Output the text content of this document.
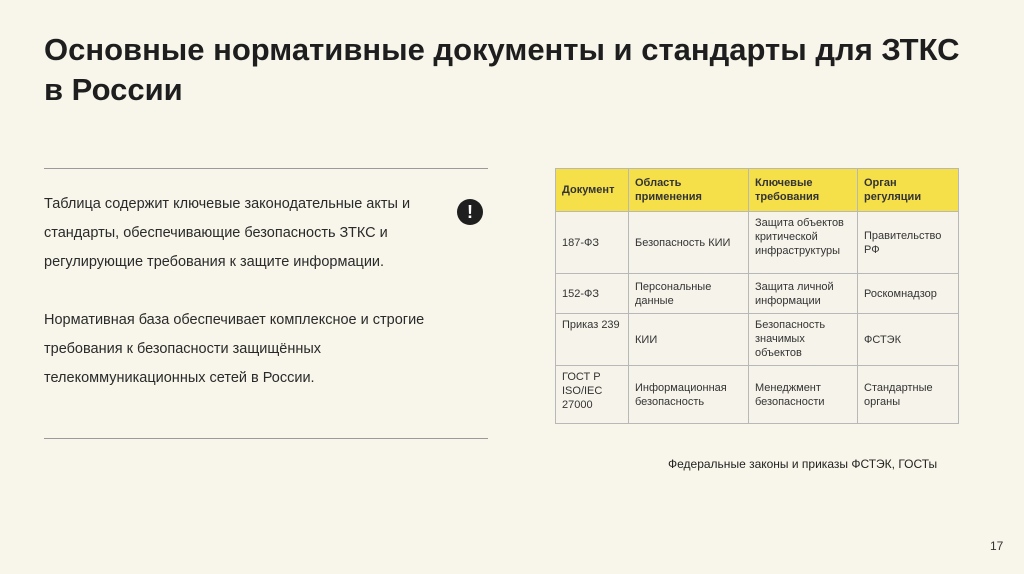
Основные нормативные документы и стандарты для ЗТКС в России
Таблица содержит ключевые законодательные акты и стандарты, обеспечивающие безопасность ЗТКС и регулирующие требования к защите информации.
!
Нормативная база обеспечивает комплексное и строгие требования к безопасности защищённых телекоммуникационных сетей в России.
Документ	Область применения	Ключевые требования	Орган регуляции
187-ФЗ	Безопасность КИИ	Защита объектов критической инфраструктуры	Правительство РФ
152-ФЗ	Персональные данные	Защита личной информации	Роскомнадзор
Приказ 239	КИИ	Безопасность значимых объектов	ФСТЭК
ГОСТ Р ISO/IEC 27000	Информационная безопасность	Менеджмент безопасности	Стандартные органы
Федеральные законы и приказы ФСТЭК, ГОСТы
17
